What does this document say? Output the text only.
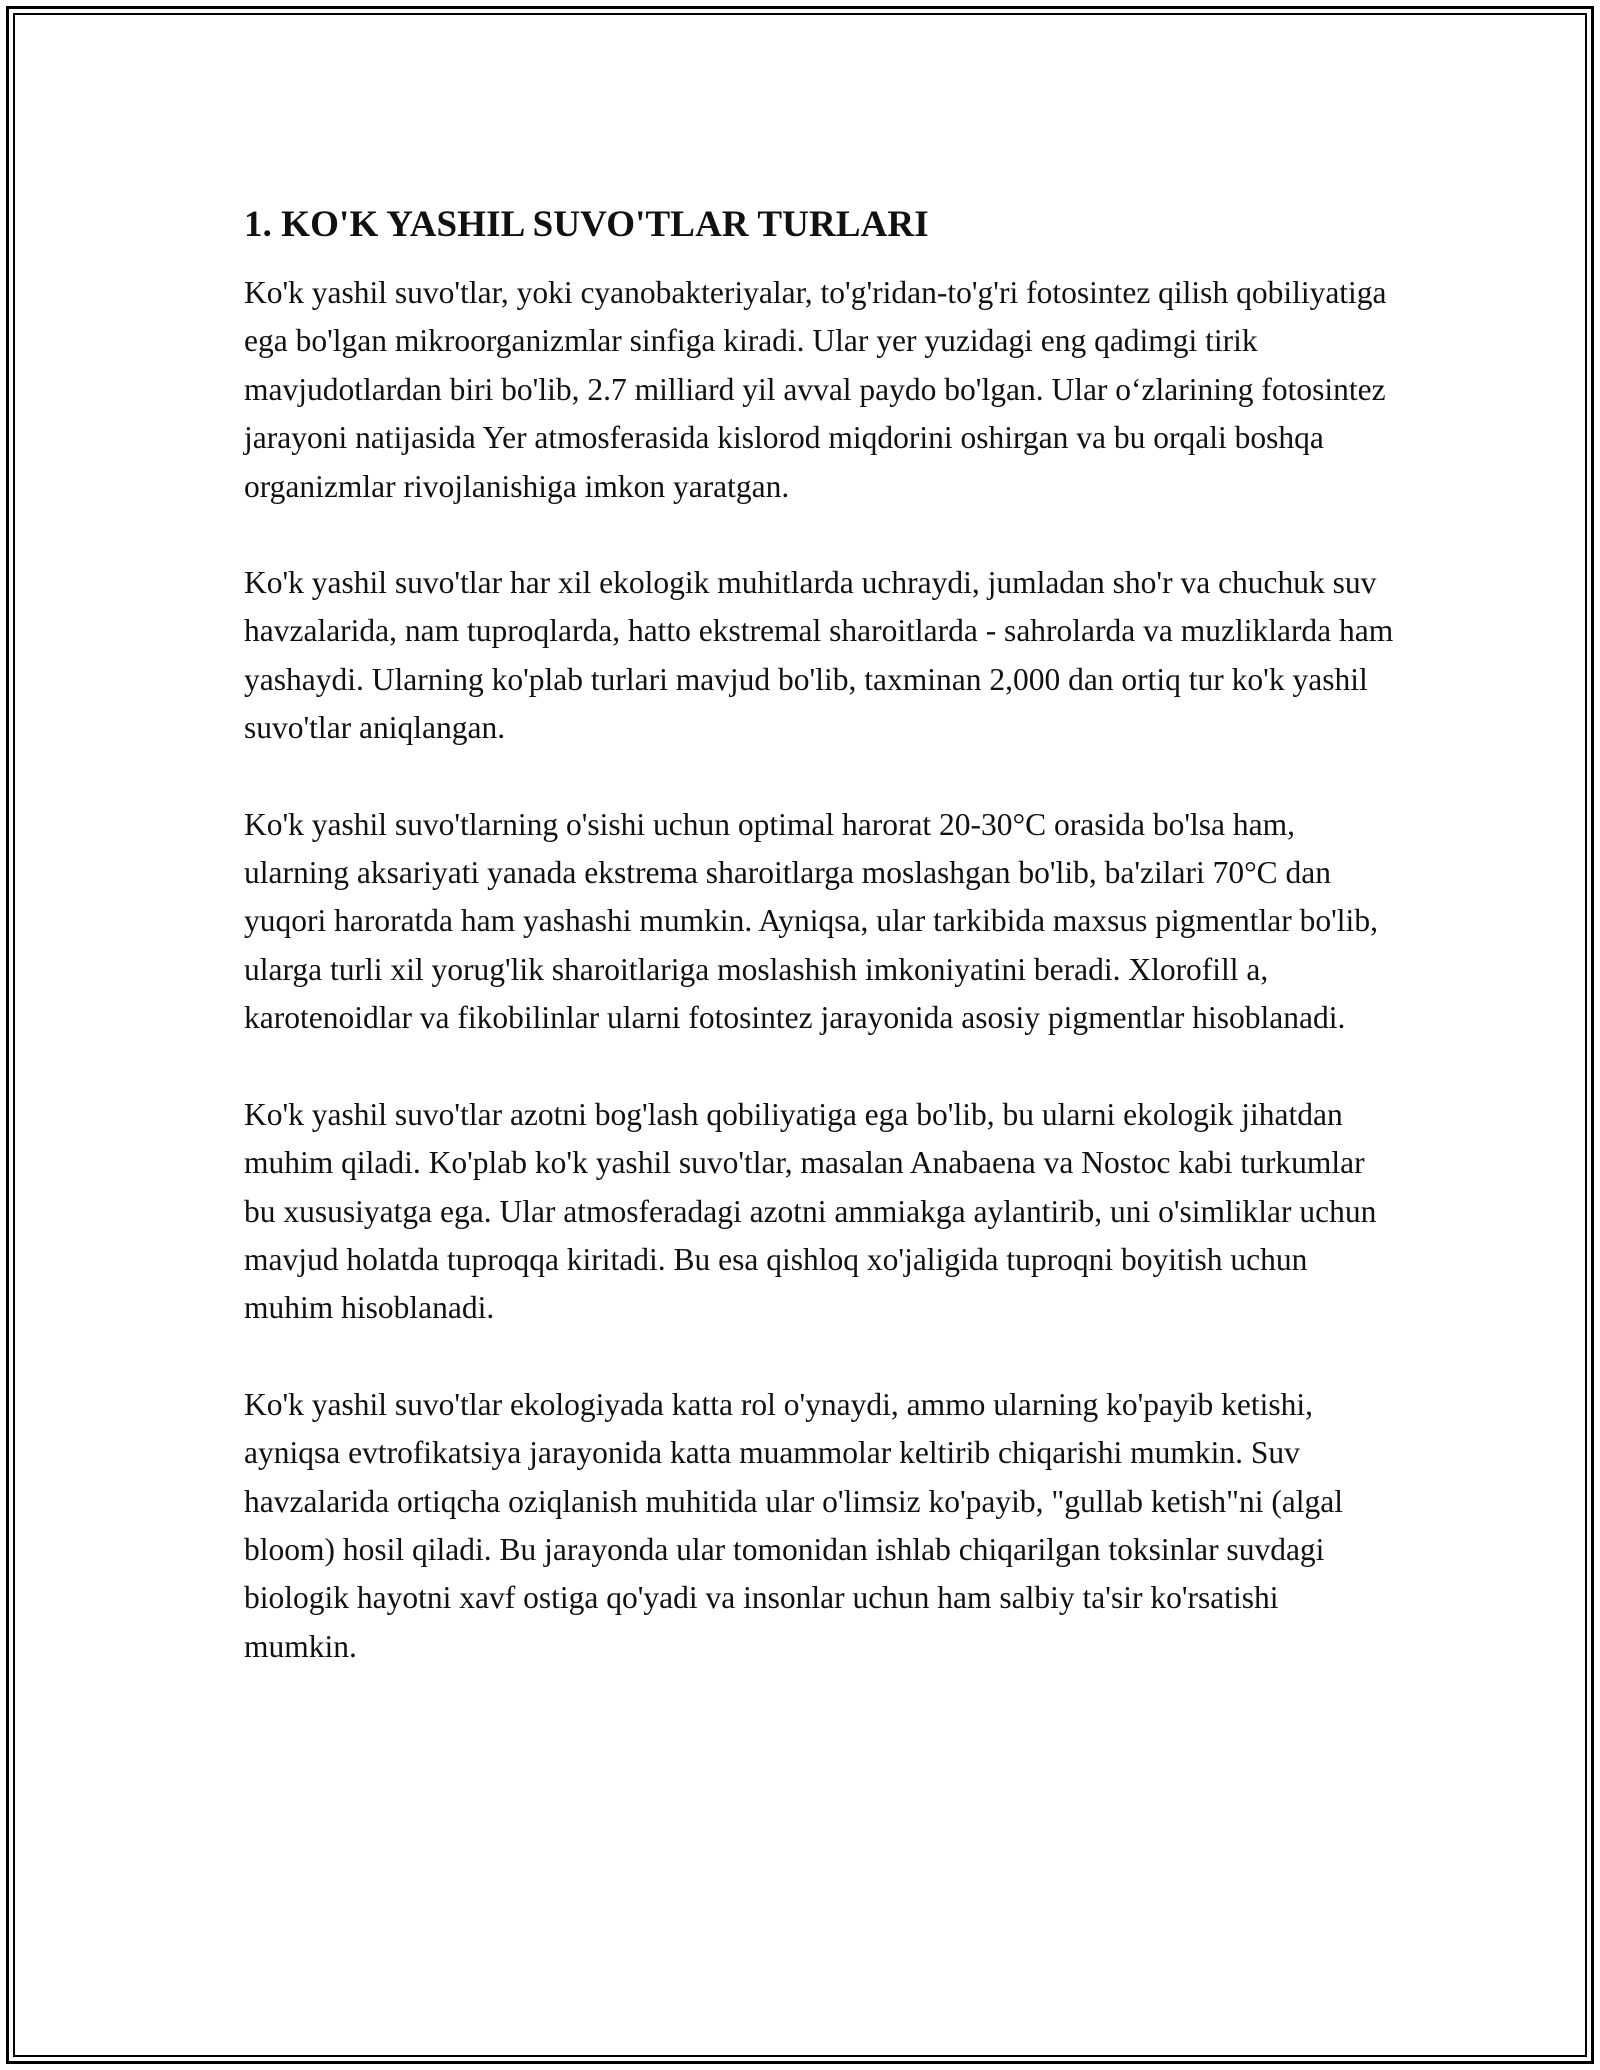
1. KO'K YASHIL SUVO'TLAR TURLARI

Ko'k yashil suvo'tlar, yoki cyanobakteriyalar, to'g'ridan-to'g'ri fotosintez qilish qobiliyatiga ega bo'lgan mikroorganizmlar sinfiga kiradi. Ular yer yuzidagi eng qadimgi tirik mavjudotlardan biri bo'lib, 2.7 milliard yil avval paydo bo'lgan. Ular o‘zlarining fotosintez jarayoni natijasida Yer atmosferasida kislorod miqdorini oshirgan va bu orqali boshqa organizmlar rivojlanishiga imkon yaratgan.

Ko'k yashil suvo'tlar har xil ekologik muhitlarda uchraydi, jumladan sho'r va chuchuk suv havzalarida, nam tuproqlarda, hatto ekstremal sharoitlarda - sahrolarda va muzliklarda ham yashaydi. Ularning ko'plab turlari mavjud bo'lib, taxminan 2,000 dan ortiq tur ko'k yashil suvo'tlar aniqlangan.

Ko'k yashil suvo'tlarning o'sishi uchun optimal harorat 20-30°C orasida bo'lsa ham, ularning aksariyati yanada ekstrema sharoitlarga moslashgan bo'lib, ba'zilari 70°C dan yuqori haroratda ham yashashi mumkin. Ayniqsa, ular tarkibida maxsus pigmentlar bo'lib, ularga turli xil yorug'lik sharoitlariga moslashish imkoniyatini beradi. Xlorofill a, karotenoidlar va fikobilinlar ularni fotosintez jarayonida asosiy pigmentlar hisoblanadi.

Ko'k yashil suvo'tlar azotni bog'lash qobiliyatiga ega bo'lib, bu ularni ekologik jihatdan muhim qiladi. Ko'plab ko'k yashil suvo'tlar, masalan Anabaena va Nostoc kabi turkumlar bu xususiyatga ega. Ular atmosferadagi azotni ammiakga aylantirib, uni o'simliklar uchun mavjud holatda tuproqqa kiritadi. Bu esa qishloq xo'jaligida tuproqni boyitish uchun muhim hisoblanadi.

Ko'k yashil suvo'tlar ekologiyada katta rol o'ynaydi, ammo ularning ko'payib ketishi, ayniqsa evtrofikatsiya jarayonida katta muammolar keltirib chiqarishi mumkin. Suv havzalarida ortiqcha oziqlanish muhitida ular o'limsiz ko'payib, "gullab ketish"ni (algal bloom) hosil qiladi. Bu jarayonda ular tomonidan ishlab chiqarilgan toksinlar suvdagi biologik hayotni xavf ostiga qo'yadi va insonlar uchun ham salbiy ta'sir ko'rsatishi mumkin.
